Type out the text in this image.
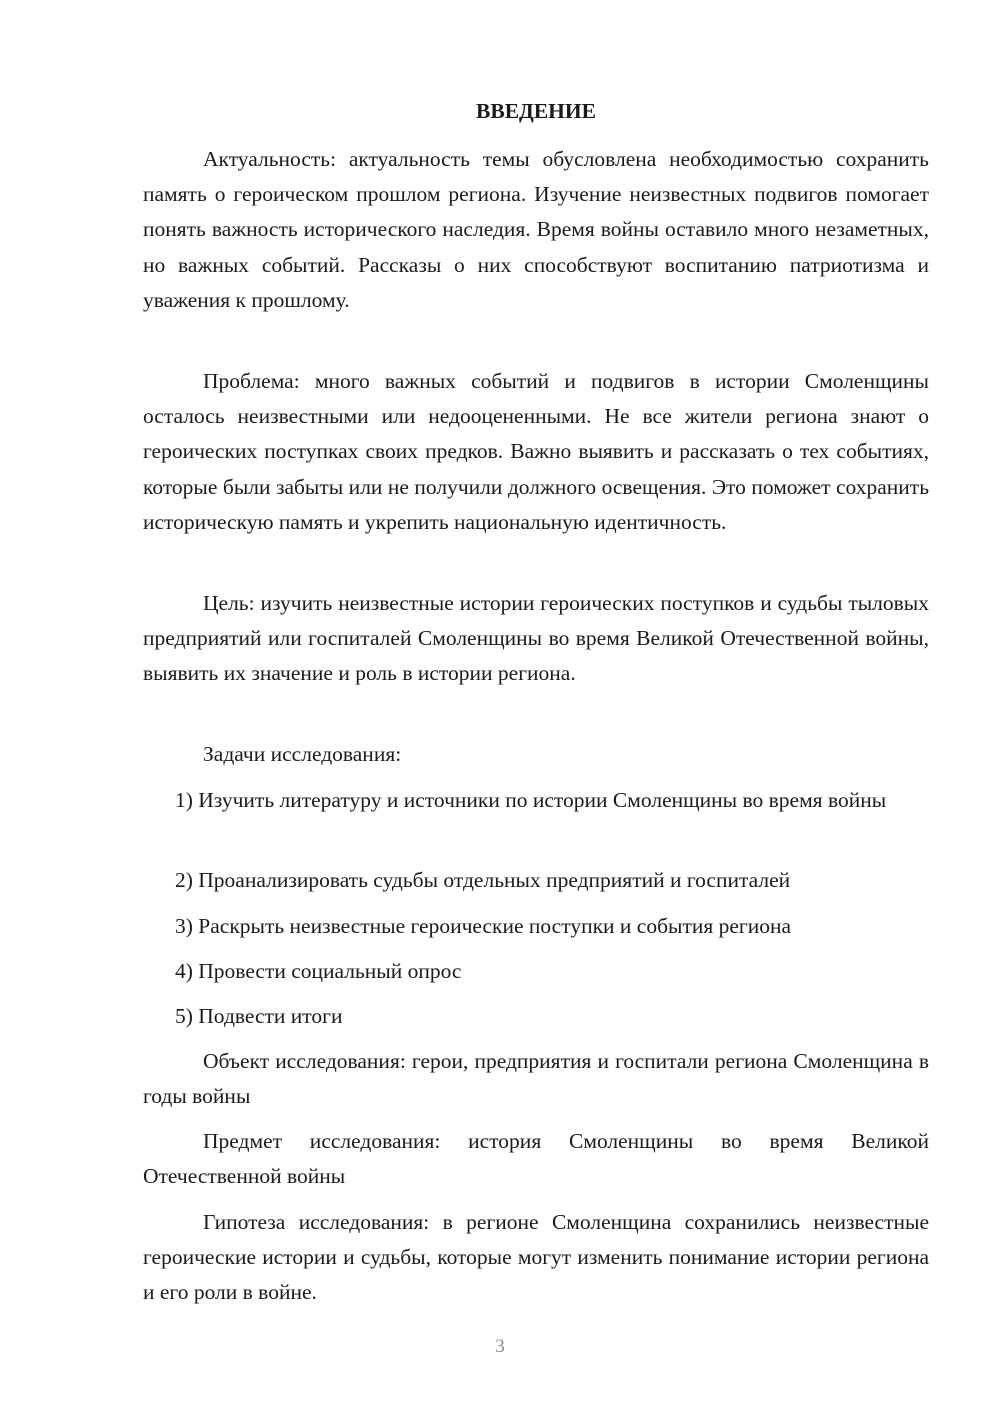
ВВЕДЕНИЕ

Актуальность: актуальность темы обусловлена необходимостью сохранить память о героическом прошлом региона. Изучение неизвестных подвигов помогает понять важность исторического наследия. Время войны оставило много незаметных, но важных событий. Рассказы о них способствуют воспитанию патриотизма и уважения к прошлому.

Проблема: много важных событий и подвигов в истории Смоленщины осталось неизвестными или недооцененными. Не все жители региона знают о героических поступках своих предков. Важно выявить и рассказать о тех событиях, которые были забыты или не получили должного освещения. Это поможет сохранить историческую память и укрепить национальную идентичность.

Цель: изучить неизвестные истории героических поступков и судьбы тыловых предприятий или госпиталей Смоленщины во время Великой Отечественной войны, выявить их значение и роль в истории региона.

Задачи исследования:

1) Изучить литературу и источники по истории Смоленщины во время войны

2) Проанализировать судьбы отдельных предприятий и госпиталей

3) Раскрыть неизвестные героические поступки и события региона

4) Провести социальный опрос

5) Подвести итоги

Объект исследования: герои, предприятия и госпитали региона Смоленщина в годы войны

Предмет исследования: история Смоленщины во время Великой Отечественной войны

Гипотеза исследования: в регионе Смоленщина сохранились неизвестные героические истории и судьбы, которые могут изменить понимание истории региона и его роли в войне.

3
